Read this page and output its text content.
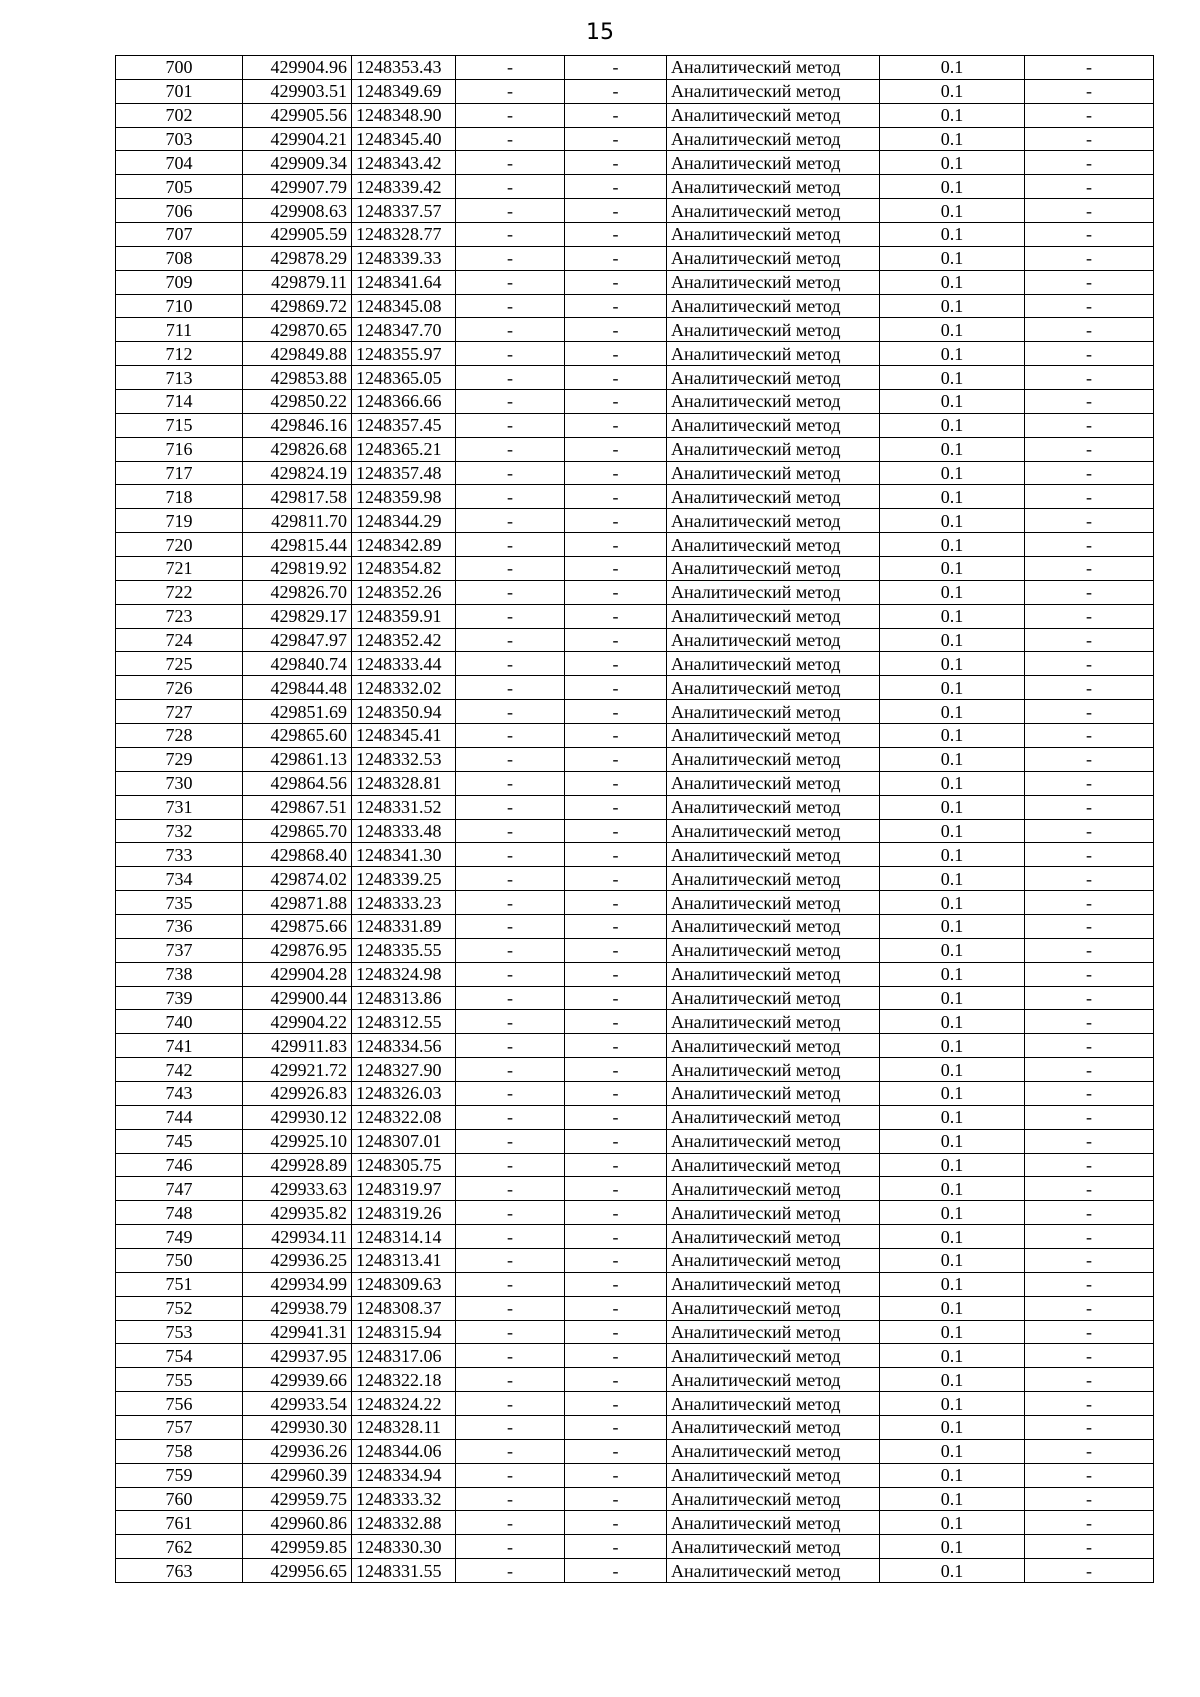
15
700	429904.96	1248353.43	-	-	Аналитический метод	0.1	-
701	429903.51	1248349.69	-	-	Аналитический метод	0.1	-
702	429905.56	1248348.90	-	-	Аналитический метод	0.1	-
703	429904.21	1248345.40	-	-	Аналитический метод	0.1	-
704	429909.34	1248343.42	-	-	Аналитический метод	0.1	-
705	429907.79	1248339.42	-	-	Аналитический метод	0.1	-
706	429908.63	1248337.57	-	-	Аналитический метод	0.1	-
707	429905.59	1248328.77	-	-	Аналитический метод	0.1	-
708	429878.29	1248339.33	-	-	Аналитический метод	0.1	-
709	429879.11	1248341.64	-	-	Аналитический метод	0.1	-
710	429869.72	1248345.08	-	-	Аналитический метод	0.1	-
711	429870.65	1248347.70	-	-	Аналитический метод	0.1	-
712	429849.88	1248355.97	-	-	Аналитический метод	0.1	-
713	429853.88	1248365.05	-	-	Аналитический метод	0.1	-
714	429850.22	1248366.66	-	-	Аналитический метод	0.1	-
715	429846.16	1248357.45	-	-	Аналитический метод	0.1	-
716	429826.68	1248365.21	-	-	Аналитический метод	0.1	-
717	429824.19	1248357.48	-	-	Аналитический метод	0.1	-
718	429817.58	1248359.98	-	-	Аналитический метод	0.1	-
719	429811.70	1248344.29	-	-	Аналитический метод	0.1	-
720	429815.44	1248342.89	-	-	Аналитический метод	0.1	-
721	429819.92	1248354.82	-	-	Аналитический метод	0.1	-
722	429826.70	1248352.26	-	-	Аналитический метод	0.1	-
723	429829.17	1248359.91	-	-	Аналитический метод	0.1	-
724	429847.97	1248352.42	-	-	Аналитический метод	0.1	-
725	429840.74	1248333.44	-	-	Аналитический метод	0.1	-
726	429844.48	1248332.02	-	-	Аналитический метод	0.1	-
727	429851.69	1248350.94	-	-	Аналитический метод	0.1	-
728	429865.60	1248345.41	-	-	Аналитический метод	0.1	-
729	429861.13	1248332.53	-	-	Аналитический метод	0.1	-
730	429864.56	1248328.81	-	-	Аналитический метод	0.1	-
731	429867.51	1248331.52	-	-	Аналитический метод	0.1	-
732	429865.70	1248333.48	-	-	Аналитический метод	0.1	-
733	429868.40	1248341.30	-	-	Аналитический метод	0.1	-
734	429874.02	1248339.25	-	-	Аналитический метод	0.1	-
735	429871.88	1248333.23	-	-	Аналитический метод	0.1	-
736	429875.66	1248331.89	-	-	Аналитический метод	0.1	-
737	429876.95	1248335.55	-	-	Аналитический метод	0.1	-
738	429904.28	1248324.98	-	-	Аналитический метод	0.1	-
739	429900.44	1248313.86	-	-	Аналитический метод	0.1	-
740	429904.22	1248312.55	-	-	Аналитический метод	0.1	-
741	429911.83	1248334.56	-	-	Аналитический метод	0.1	-
742	429921.72	1248327.90	-	-	Аналитический метод	0.1	-
743	429926.83	1248326.03	-	-	Аналитический метод	0.1	-
744	429930.12	1248322.08	-	-	Аналитический метод	0.1	-
745	429925.10	1248307.01	-	-	Аналитический метод	0.1	-
746	429928.89	1248305.75	-	-	Аналитический метод	0.1	-
747	429933.63	1248319.97	-	-	Аналитический метод	0.1	-
748	429935.82	1248319.26	-	-	Аналитический метод	0.1	-
749	429934.11	1248314.14	-	-	Аналитический метод	0.1	-
750	429936.25	1248313.41	-	-	Аналитический метод	0.1	-
751	429934.99	1248309.63	-	-	Аналитический метод	0.1	-
752	429938.79	1248308.37	-	-	Аналитический метод	0.1	-
753	429941.31	1248315.94	-	-	Аналитический метод	0.1	-
754	429937.95	1248317.06	-	-	Аналитический метод	0.1	-
755	429939.66	1248322.18	-	-	Аналитический метод	0.1	-
756	429933.54	1248324.22	-	-	Аналитический метод	0.1	-
757	429930.30	1248328.11	-	-	Аналитический метод	0.1	-
758	429936.26	1248344.06	-	-	Аналитический метод	0.1	-
759	429960.39	1248334.94	-	-	Аналитический метод	0.1	-
760	429959.75	1248333.32	-	-	Аналитический метод	0.1	-
761	429960.86	1248332.88	-	-	Аналитический метод	0.1	-
762	429959.85	1248330.30	-	-	Аналитический метод	0.1	-
763	429956.65	1248331.55	-	-	Аналитический метод	0.1	-
